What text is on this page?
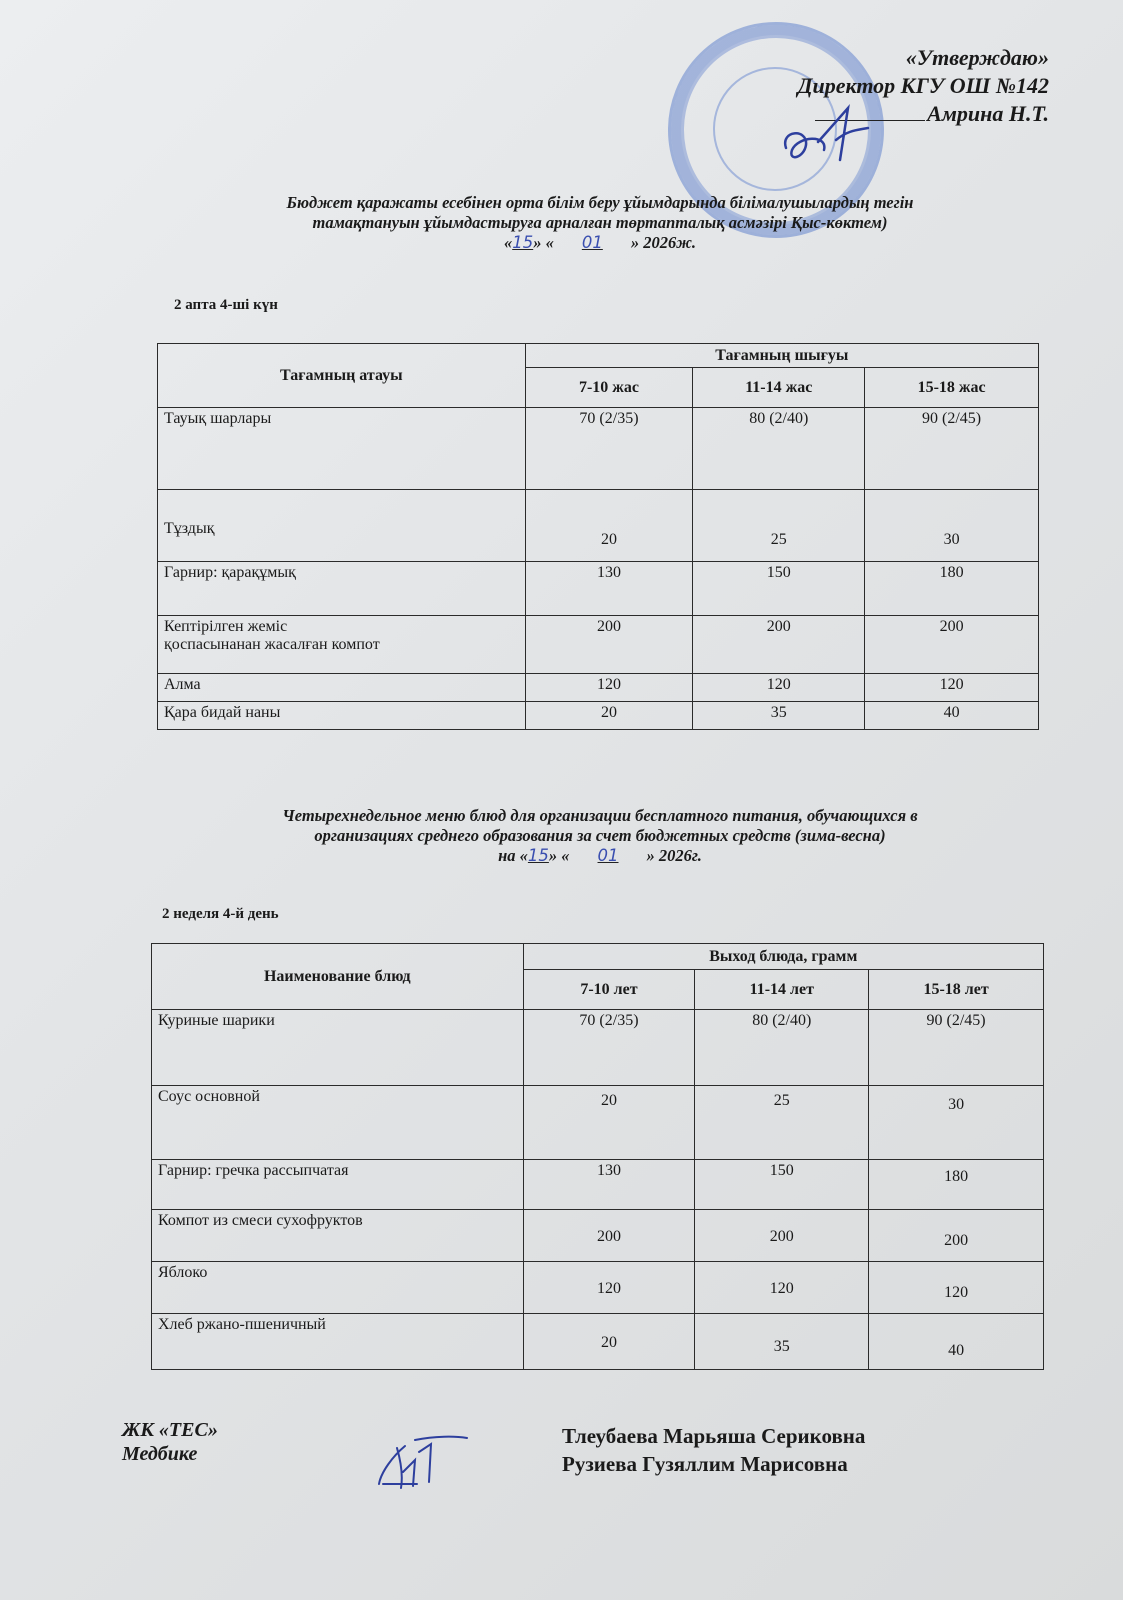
«Утверждаю»
Директор КГУ ОШ №142
Амрина Н.Т.
Бюджет қаражаты есебінен орта білім беру ұйымдарында білімалушылардың тегін
тамақтануын ұйымдастыруға арналған төртапталық асмәзірі Қыс-көктем)
«15» « 01 » 2026ж.
2 апта 4-ші күн
Тағамның атауы	Тағамның шығуы		
	7-10 жас	11-14 жас	15-18 жас
Тауық шарлары	70 (2/35)	80 (2/40)	90 (2/45)
Тұздық	20	25	30
Гарнир: қарақұмық	130	150	180

Кептірілген жеміс
қоспасынанан жасалған компот	200	200	200
Алма	120	120	120
Қара бидай наны	20	35	40
Четырехнедельное меню блюд для организации бесплатного питания, обучающихся в
организациях среднего образования за счет бюджетных средств (зима-весна)
на «15» « 01 » 2026г.
2 неделя 4-й день
Наименование блюд	Выход блюда, грамм		
	7-10 лет	11-14 лет	15-18 лет
Куриные шарики	70 (2/35)	80 (2/40)	90 (2/45)
Соус основной	20	25	30
Гарнир: гречка рассыпчатая	130	150	180
Компот из смеси сухофруктов	200	200	200
Яблоко	120	120	120
Хлеб ржано-пшеничный	20	35	40
ЖК «ТЕС»
Медбике
Тлеубаева Марьяша Сериковна
Рузиева Гузяллим Марисовна
